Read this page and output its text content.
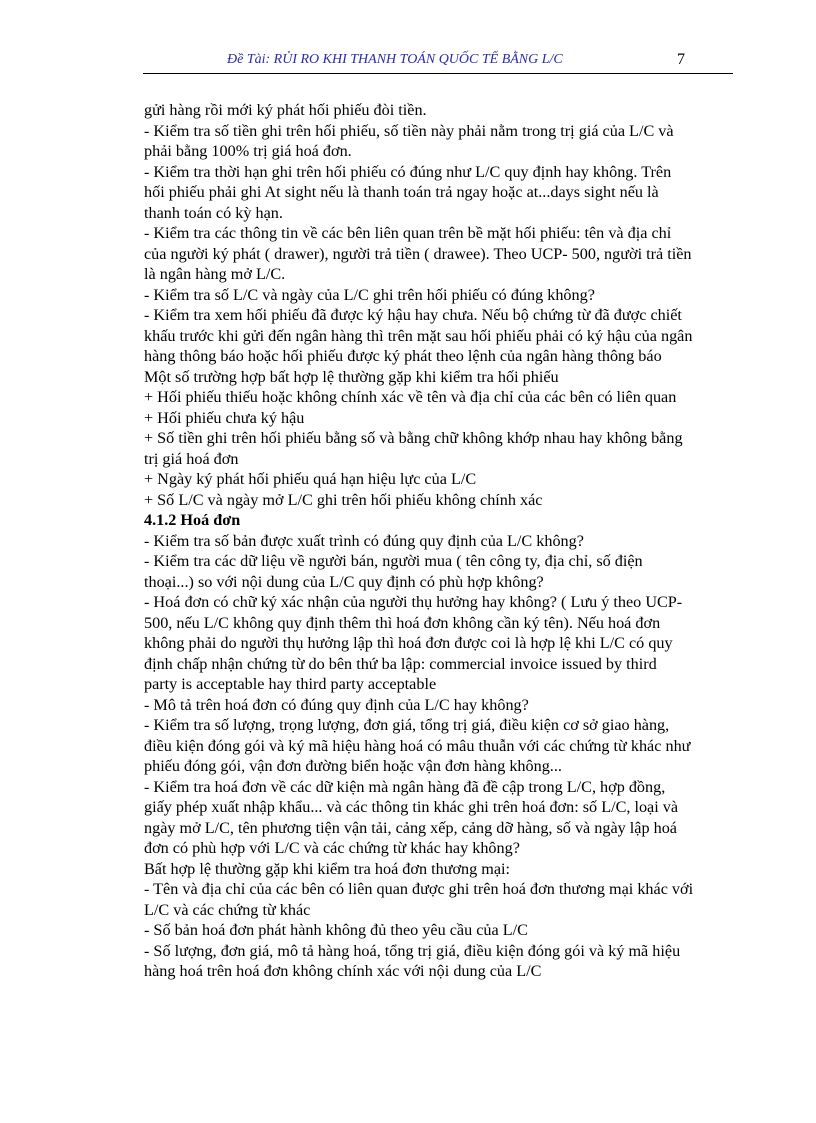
Đề Tài: RỦI RO KHI THANH TOÁN QUỐC TẾ BẰNG L/C	7
gửi hàng rồi mới ký phát hối phiếu đòi tiền.
- Kiểm tra số tiền ghi trên hối phiếu, số tiền này phải nằm trong trị giá của L/C và
phải bằng 100% trị giá hoá đơn.
- Kiểm tra thời hạn ghi trên hối phiếu có đúng như L/C quy định hay không. Trên
hối phiếu phải ghi At sight nếu là thanh toán trả ngay hoặc at...days sight nếu là
thanh toán có kỳ hạn.
- Kiểm tra các thông tin về các bên liên quan trên bề mặt hối phiếu: tên và địa chỉ
của người ký phát ( drawer), người trả tiền ( drawee). Theo UCP- 500, người trả tiền
là ngân hàng mở L/C.
- Kiểm tra số L/C và ngày của L/C ghi trên hối phiếu có đúng không?
- Kiểm tra xem hối phiếu đã được ký hậu hay chưa. Nếu bộ chứng từ đã được chiết
khấu trước khi gửi đến ngân hàng thì trên mặt sau hối phiếu phải có ký hậu của ngân
hàng thông báo hoặc hối phiếu được ký phát theo lệnh của ngân hàng thông báo
Một số trường hợp bất hợp lệ thường gặp khi kiểm tra hối phiếu
+ Hối phiếu thiếu hoặc không chính xác về tên và địa chỉ của các bên có liên quan
+ Hối phiếu chưa ký hậu
+ Số tiền ghi trên hối phiếu bằng số và bằng chữ không khớp nhau hay không bằng
trị giá hoá đơn
+ Ngày ký phát hối phiếu quá hạn hiệu lực của L/C
+ Số L/C và ngày mở L/C ghi trên hối phiếu không chính xác
4.1.2 Hoá đơn
- Kiểm tra số bản được xuất trình có đúng quy định của L/C không?
- Kiểm tra các dữ liệu về người bán, người mua ( tên công ty, địa chỉ, số điện
thoại...) so với nội dung của L/C quy định có phù hợp không?
- Hoá đơn có chữ ký xác nhận của người thụ hưởng hay không? ( Lưu ý theo UCP-
500, nếu L/C không quy định thêm thì hoá đơn không cần ký tên). Nếu hoá đơn
không phải do người thụ hưởng lập thì hoá đơn được coi là hợp lệ khi L/C có quy
định chấp nhận chứng từ do bên thứ ba lập: commercial invoice issued by third
party is acceptable hay third party acceptable
- Mô tả trên hoá đơn có đúng quy định của L/C hay không?
- Kiểm tra số lượng, trọng lượng, đơn giá, tổng trị giá, điều kiện cơ sở giao hàng,
điều kiện đóng gói và ký mã hiệu hàng hoá có mâu thuẫn với các chứng từ khác như
phiếu đóng gói, vận đơn đường biển hoặc vận đơn hàng không...
- Kiểm tra hoá đơn về các dữ kiện mà ngân hàng đã đề cập trong L/C, hợp đồng,
giấy phép xuất nhập khẩu... và các thông tin khác ghi trên hoá đơn: số L/C, loại và
ngày mở L/C, tên phương tiện vận tải, cảng xếp, cảng dỡ hàng, số và ngày lập hoá
đơn có phù hợp với L/C và các chứng từ khác hay không?
Bất hợp lệ thường gặp khi kiểm tra hoá đơn thương mại:
- Tên và địa chỉ của các bên có liên quan được ghi trên hoá đơn thương mại khác với
L/C và các chứng từ khác
- Số bản hoá đơn phát hành không đủ theo yêu cầu của L/C
- Số lượng, đơn giá, mô tả hàng hoá, tổng trị giá, điều kiện đóng gói và ký mã hiệu
hàng hoá trên hoá đơn không chính xác với nội dung của L/C
